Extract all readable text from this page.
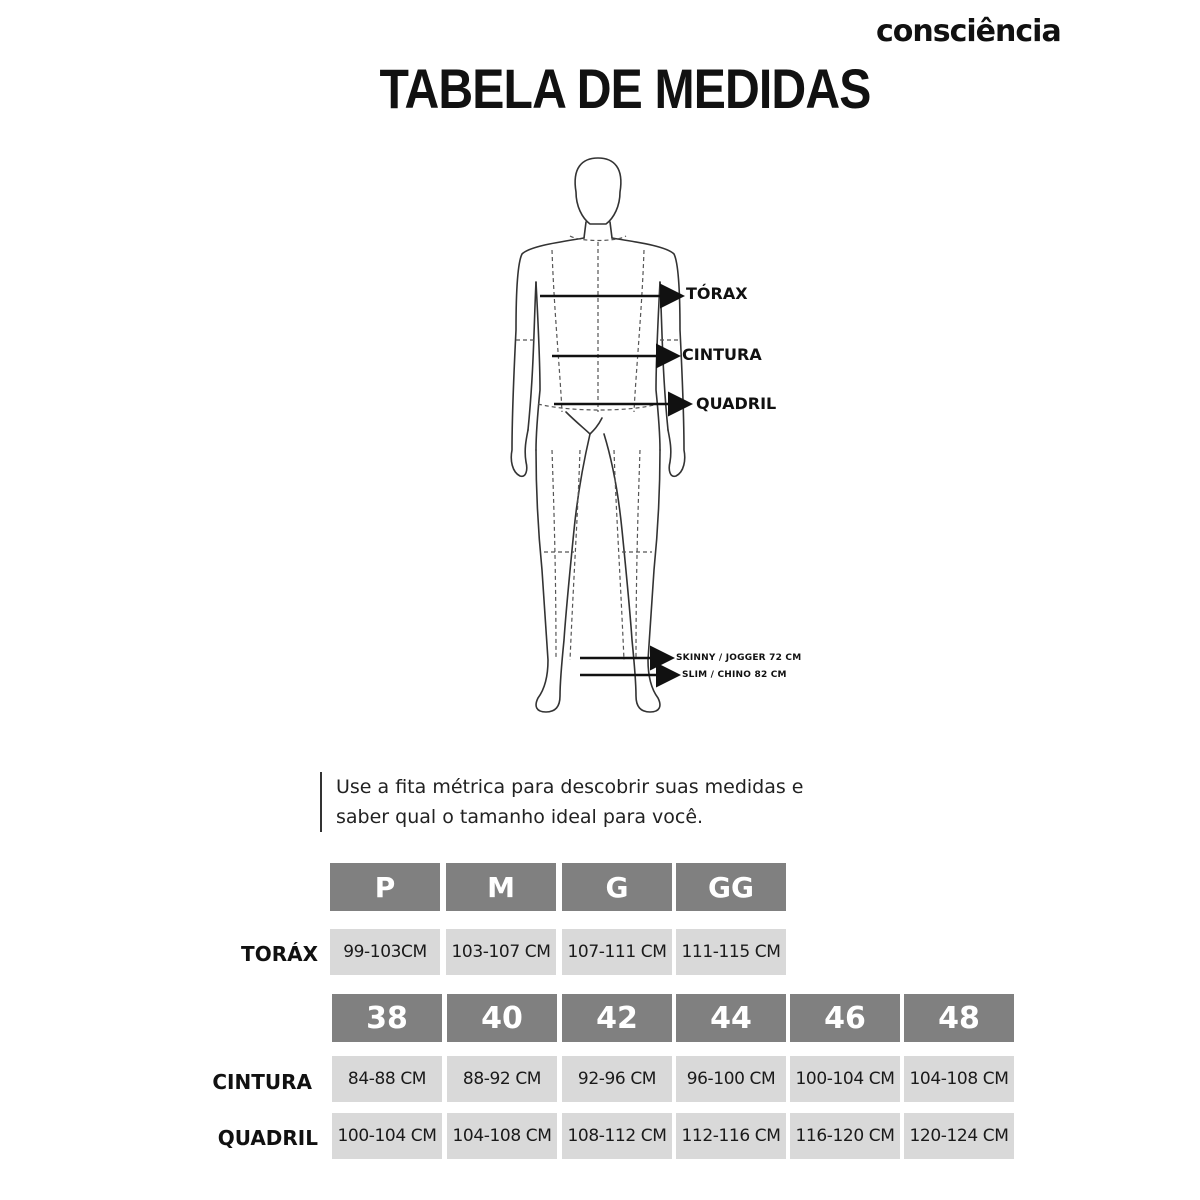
consciência
TABELA DE MEDIDAS
TÓRAX
CINTURA
QUADRIL
SKINNY / JOGGER 72 CM
SLIM / CHINO 82 CM

Use a fita métrica para descobrir suas medidas e

saber qual o tamanho ideal para você.

P	M	G	GG
TORÁX	99-103CM	103-107 CM	107-111 CM 111-115 CM
38	40	42	44	46	48
CINTURA	84-88 CM	88-92 CM	92-96 CM	96-100 CM	100-104 CM 104-108 CM
QUADRIL	100-104 CM 104-108 CM 108-112 CM 112-116 CM 116-120 CM 120-124 CM
